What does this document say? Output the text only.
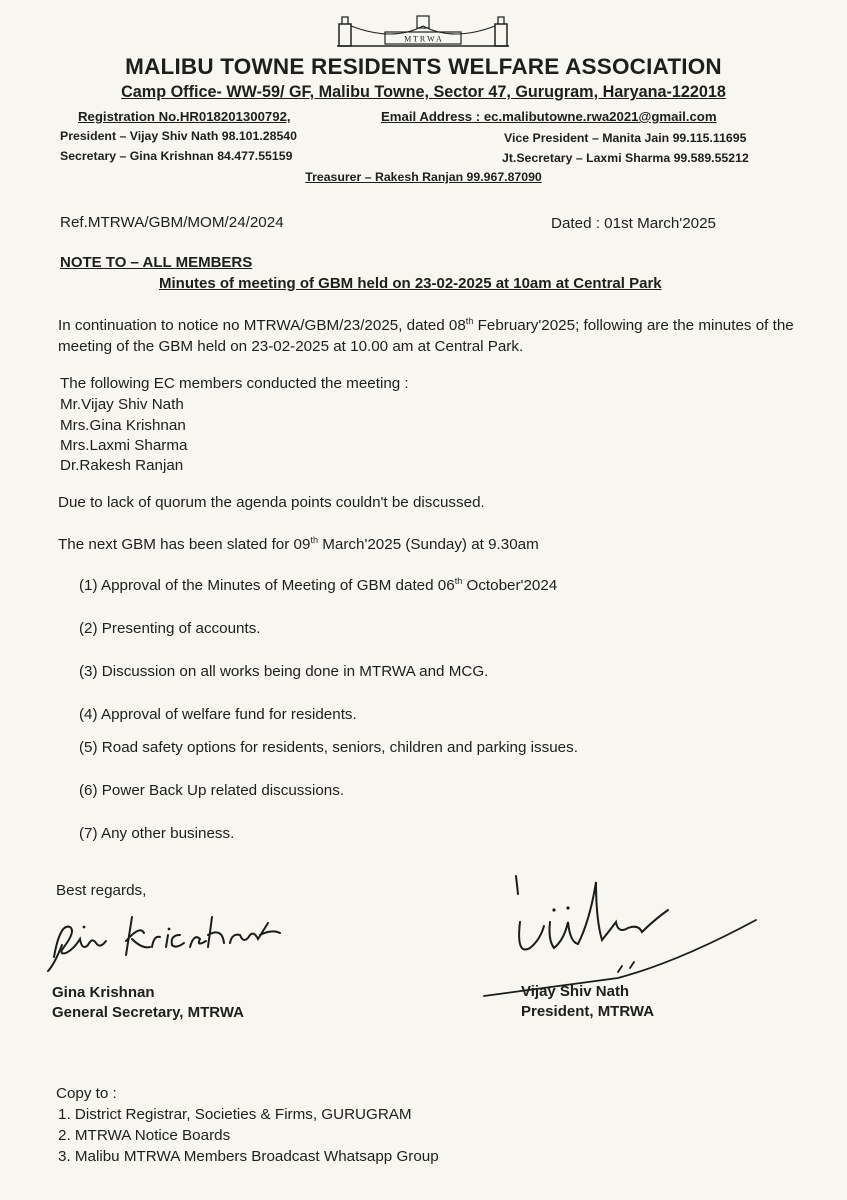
M T R W A
MALIBU TOWNE RESIDENTS WELFARE ASSOCIATION
Camp Office- WW-59/ GF, Malibu Towne, Sector 47, Gurugram, Haryana-122018
Registration No.HR018201300792,	Email Address : ec.malibutowne.rwa2021@gmail.com
President – Vijay Shiv Nath 98.101.28540	Vice President – Manita Jain 99.115.11695
Secretary – Gina Krishnan 84.477.55159	Jt.Secretary – Laxmi Sharma 99.589.55212
Treasurer – Rakesh Ranjan 99.967.87090
Ref.MTRWA/GBM/MOM/24/2024	Dated : 01st March'2025
NOTE TO – ALL MEMBERS
Minutes of meeting of GBM held on 23-02-2025 at 10am at Central Park
In continuation to notice no MTRWA/GBM/23/2025, dated 08th February'2025; following are the minutes of the meeting of the GBM held on 23-02-2025 at 10.00 am at Central Park.
The following EC members conducted the meeting :
Mr.Vijay Shiv Nath
Mrs.Gina Krishnan
Mrs.Laxmi Sharma
Dr.Rakesh Ranjan
Due to lack of quorum the agenda points couldn't be discussed.
The next GBM has been slated for 09th March'2025 (Sunday) at 9.30am
(1) Approval of the Minutes of Meeting of GBM dated 06th October'2024
(2) Presenting of accounts.
(3) Discussion on all works being done in MTRWA and MCG.
(4) Approval of welfare fund for residents.
(5) Road safety options for residents, seniors, children and parking issues.
(6) Power Back Up related discussions.
(7) Any other business.
Best regards,
Gina Krishnan
General Secretary, MTRWA
Vijay Shiv Nath
President, MTRWA
Copy to :
1. District Registrar, Societies & Firms, GURUGRAM
2. MTRWA Notice Boards
3. Malibu MTRWA Members Broadcast Whatsapp Group
